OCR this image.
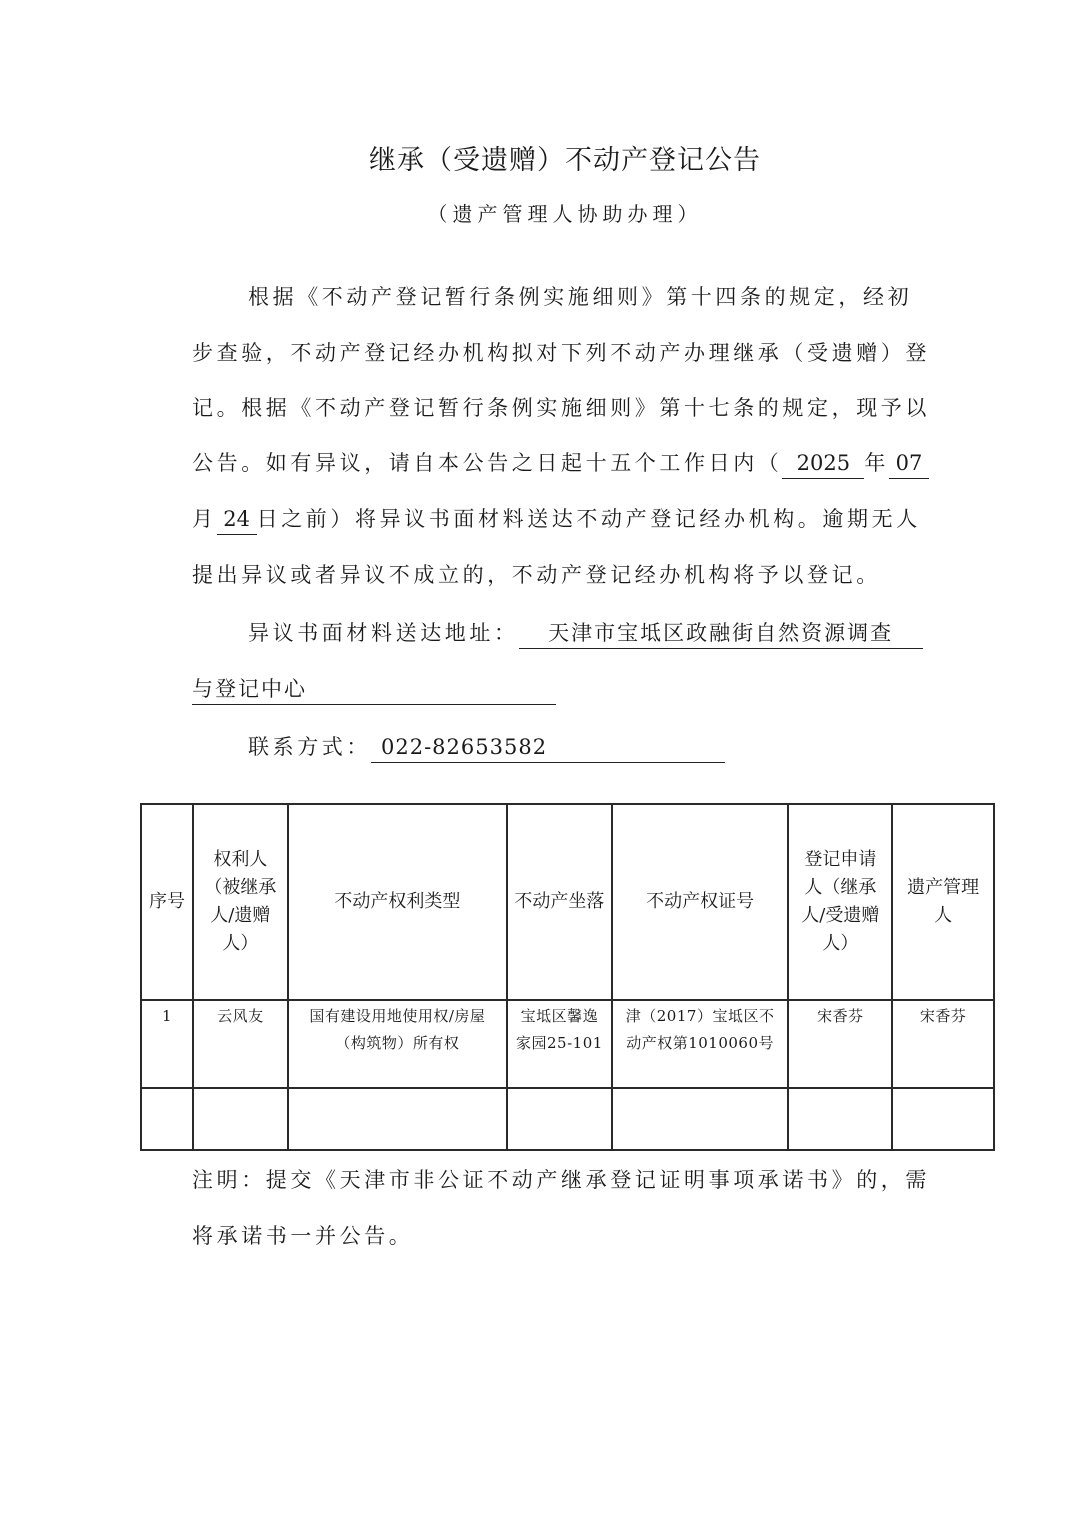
继承（受遗赠）不动产登记公告
（遗产管理人协助办理）
根据《不动产登记暂行条例实施细则》第十四条的规定，经初
步查验，不动产登记经办机构拟对下列不动产办理继承（受遗赠）登
记。根据《不动产登记暂行条例实施细则》第十七条的规定，现予以
公告。如有异议，请自本公告之日起十五个工作日内（ 2025 年 07
月 24 日之前）将异议书面材料送达不动产登记经办机构。逾期无人
提出异议或者异议不成立的，不动产登记经办机构将予以登记。
异议书面材料送达地址： 天津市宝坻区政融街自然资源调查
与登记中心
联系方式： 022-82653582
序号	权利人（被继承人/遗赠人）	不动产权利类型	不动产坐落	不动产权证号	登记申请人（继承人/受遗赠人）	遗产管理人
1	云风友	国有建设用地使用权/房屋（构筑物）所有权	宝坻区馨逸家园25-101	津（2017）宝坻区不动产权第1010060号	宋香芬	宋香芬

注明：提交《天津市非公证不动产继承登记证明事项承诺书》的，需
将承诺书一并公告。
